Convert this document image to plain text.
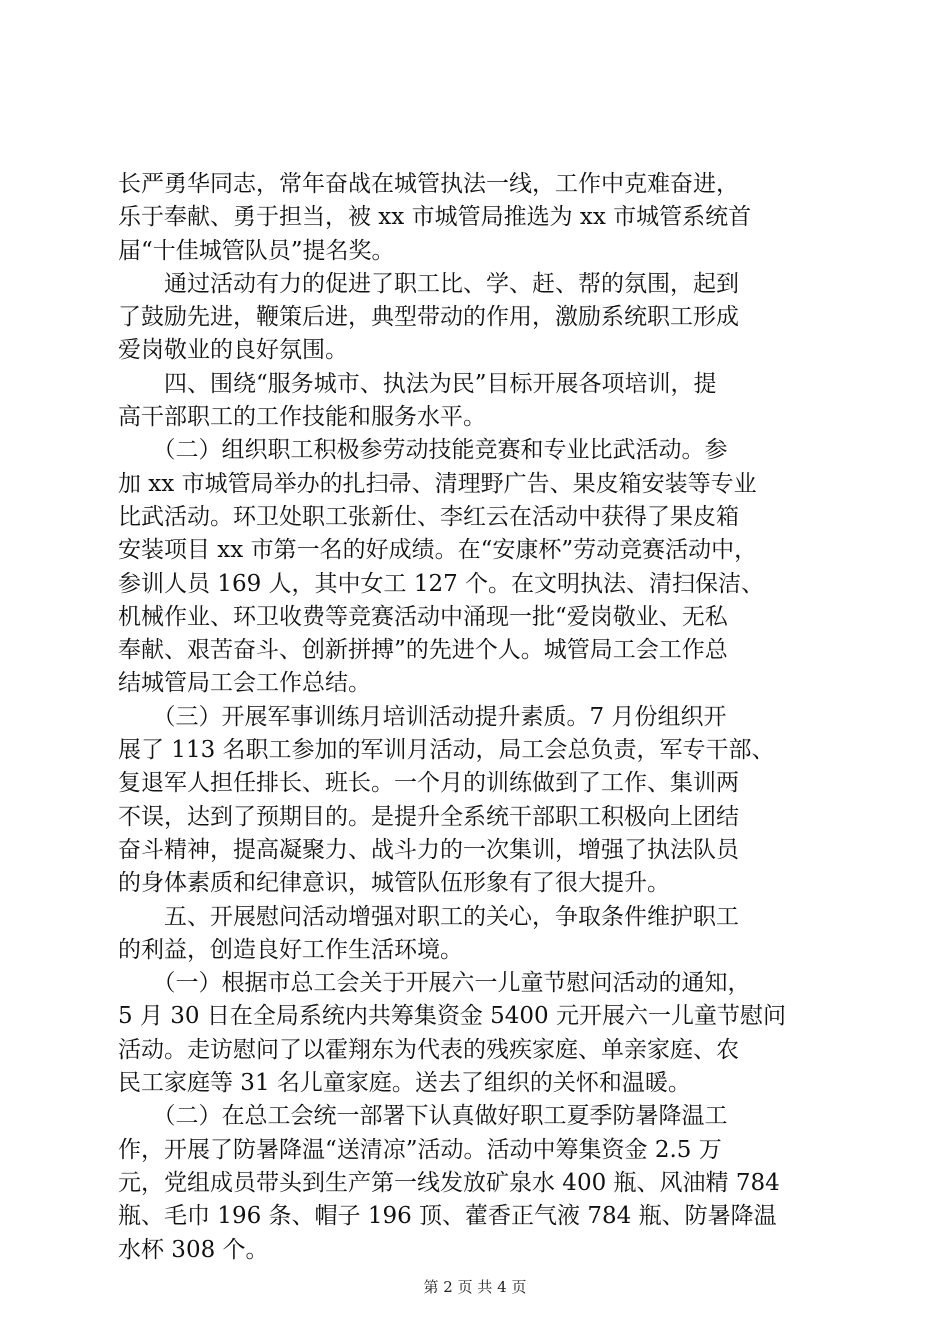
长严勇华同志，常年奋战在城管执法一线，工作中克难奋进，
乐于奉献、勇于担当，被 xx 市城管局推选为 xx 市城管系统首
届“十佳城管队员”提名奖。

　　通过活动有力的促进了职工比、学、赶、帮的氛围，起到
了鼓励先进，鞭策后进，典型带动的作用，激励系统职工形成
爱岗敬业的良好氛围。

　　四、围绕“服务城市、执法为民”目标开展各项培训，提
高干部职工的工作技能和服务水平。

　　（二）组织职工积极参劳动技能竞赛和专业比武活动。参
加 xx 市城管局举办的扎扫帚、清理野广告、果皮箱安装等专业
比武活动。环卫处职工张新仕、李红云在活动中获得了果皮箱
安装项目 xx 市第一名的好成绩。在“安康杯”劳动竞赛活动中，
参训人员 169 人，其中女工 127 个。在文明执法、清扫保洁、
机械作业、环卫收费等竞赛活动中涌现一批“爱岗敬业、无私
奉献、艰苦奋斗、创新拼搏”的先进个人。城管局工会工作总
结城管局工会工作总结。

　　（三）开展军事训练月培训活动提升素质。7 月份组织开
展了 113 名职工参加的军训月活动，局工会总负责，军专干部、
复退军人担任排长、班长。一个月的训练做到了工作、集训两
不误，达到了预期目的。是提升全系统干部职工积极向上团结
奋斗精神，提高凝聚力、战斗力的一次集训，增强了执法队员
的身体素质和纪律意识，城管队伍形象有了很大提升。

　　五、开展慰问活动增强对职工的关心，争取条件维护职工
的利益，创造良好工作生活环境。

　　（一）根据市总工会关于开展六一儿童节慰问活动的通知，
5 月 30 日在全局系统内共筹集资金 5400 元开展六一儿童节慰问
活动。走访慰问了以霍翔东为代表的残疾家庭、单亲家庭、农
民工家庭等 31 名儿童家庭。送去了组织的关怀和温暖。

　　（二）在总工会统一部署下认真做好职工夏季防暑降温工
作，开展了防暑降温“送清凉”活动。活动中筹集资金 2.5 万
元，党组成员带头到生产第一线发放矿泉水 400 瓶、风油精 784
瓶、毛巾 196 条、帽子 196 顶、藿香正气液 784 瓶、防暑降温
水杯 308 个。

第 2 页 共 4 页
